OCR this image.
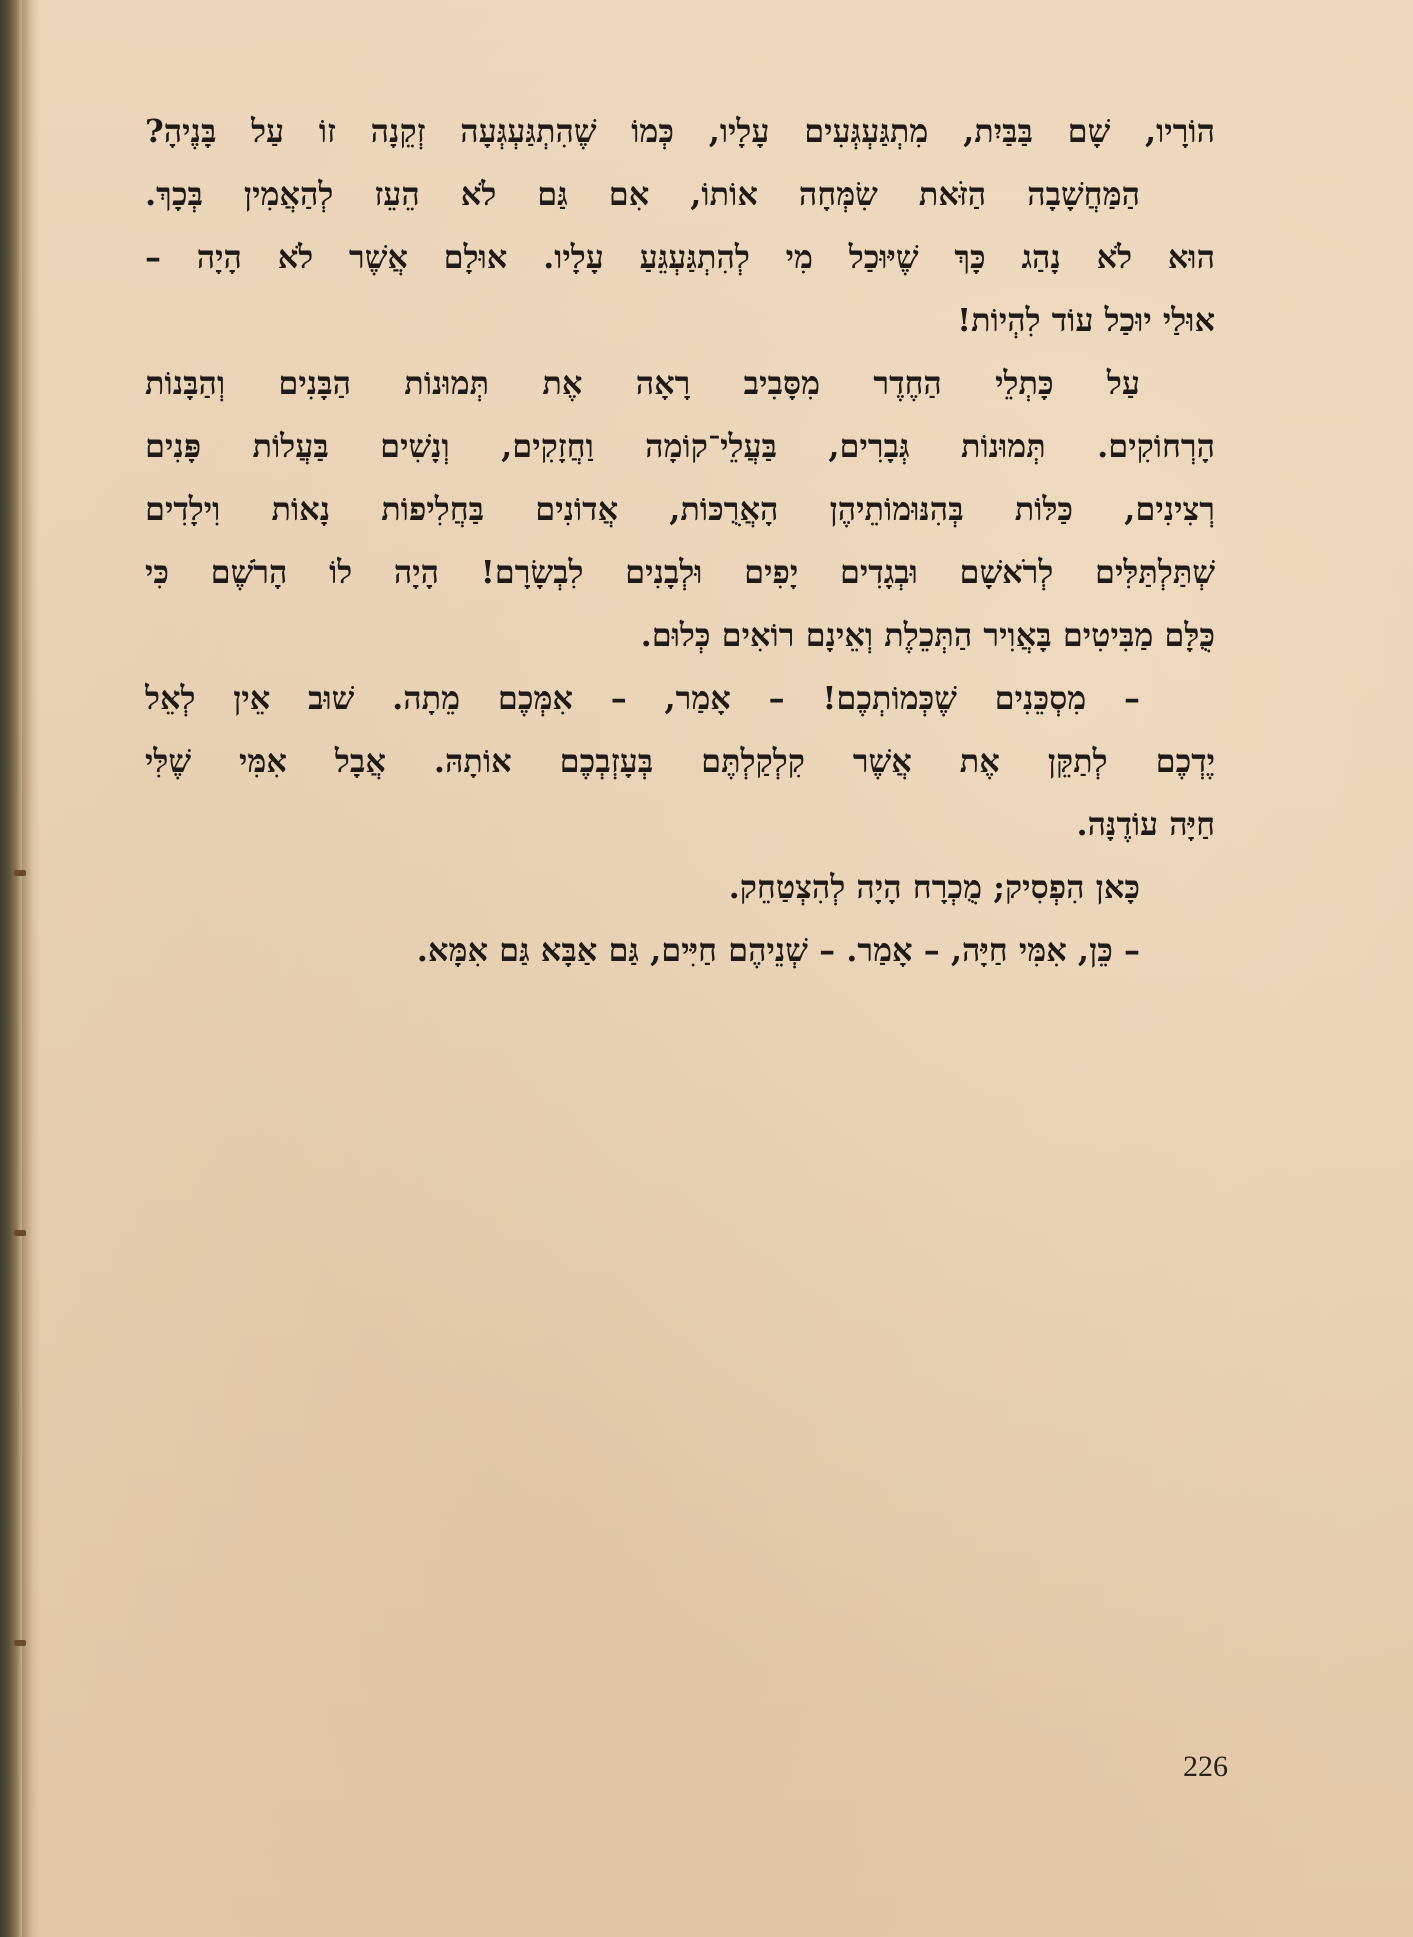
הוֹרָיו, שָׁם בַּבַּיִת, מִתְגַּעְגְּעִים עָלָיו, כְּמוֹ שֶׁהִתְגַּעְגְּעָה זְקֵנָה זוֹ עַל בָּנֶיהָ?
הַמַּחֲשָׁבָה הַזֹּאת שִׂמְּחָה אוֹתוֹ, אִם גַּם לֹא הֵעֵז לְהַאֲמִין בְּכָךְ.
הוּא לֹא נָהַג כָּךְ שֶׁיּוּכַל מִי לְהִתְגַּעְגֵּעַ עָלָיו. אוּלָם אֲשֶׁר לֹא הָיָה –
אוּלַי יוּכַל עוֹד לִהְיוֹת!
עַל כָּתְלֵי הַחֶדֶר מִסָּבִיב רָאָה אֶת תְּמוּנוֹת הַבָּנִים וְהַבָּנוֹת
הָרְחוֹקִים. תְּמוּנוֹת גְּבָרִים, בַּעֲלֵי־קוֹמָה וַחֲזָקִים, וְנָשִׁים בַּעֲלוֹת פָּנִים
רְצִינִים, כַּלּוֹת בְּהִנּוּמוֹתֵיהֶן הָאֲרֻכּוֹת, אֲדוֹנִים בַּחֲלִיפוֹת נָאוֹת וִילָדִים
שְׁתַּלְתַּלִּים לְרֹאשָׁם וּבְגָדִים יָפִים וּלְבָנִים לִבְשָׂרָם! הָיָה לוֹ הָרֹשֶׁם כִּי
כֻּלָּם מַבִּיטִים בָּאֲוִיר הַתְּכֵלֶת וְאֵינָם רוֹאִים כְּלוּם.
– מִסְכֵּנִים שֶׁכְּמוֹתְכֶם! – אָמַר, – אִמְּכֶם מֵתָה. שׁוּב אֵין לְאֵל
יֶדְכֶם לְתַקֵּן אֶת אֲשֶׁר קִלְקַלְתֶּם בְּעָזְבְכֶם אוֹתָהּ. אֲבָל אִמִּי שֶׁלִּי
חַיָּה עוֹדֶנָּה.
כָּאן הִפְסִיק; מֻכְרָח הָיָה לְהִצְטַחֵק.
– כֵּן, אִמִּי חַיָּה, – אָמַר. – שְׁנֵיהֶם חַיִּים, גַּם אַבָּא גַּם אִמָּא.
226
